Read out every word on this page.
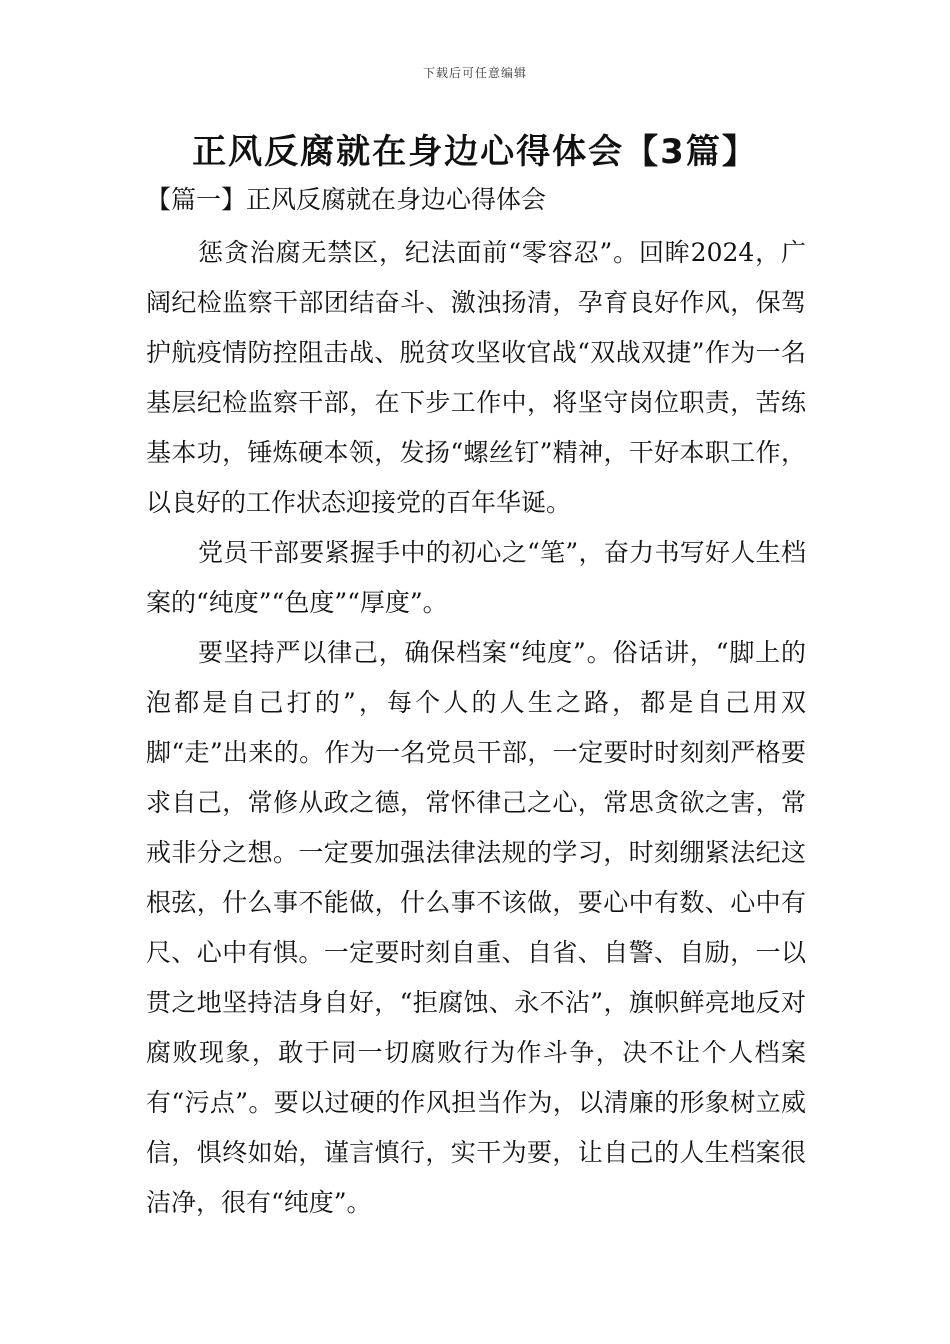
下载后可任意编辑
正风反腐就在身边心得体会【3篇】
【篇一】正风反腐就在身边心得体会

惩贪治腐无禁区，纪法面前“零容忍”。回眸2024，广阔纪检监察干部团结奋斗、激浊扬清，孕育良好作风，保驾护航疫情防控阻击战、脱贫攻坚收官战“双战双捷”作为一名基层纪检监察干部，在下步工作中，将坚守岗位职责，苦练基本功，锤炼硬本领，发扬“螺丝钉”精神，干好本职工作，以良好的工作状态迎接党的百年华诞。

党员干部要紧握手中的初心之“笔”，奋力书写好人生档案的“纯度”“色度”“厚度”。

要坚持严以律己，确保档案“纯度”。俗话讲，“脚上的泡都是自己打的”，每个人的人生之路，都是自己用双脚“走”出来的。作为一名党员干部，一定要时时刻刻严格要求自己，常修从政之德，常怀律己之心，常思贪欲之害，常戒非分之想。一定要加强法律法规的学习，时刻绷紧法纪这根弦，什么事不能做，什么事不该做，要心中有数、心中有尺、心中有惧。一定要时刻自重、自省、自警、自励，一以贯之地坚持洁身自好，“拒腐蚀、永不沾”，旗帜鲜亮地反对腐败现象，敢于同一切腐败行为作斗争，决不让个人档案有“污点”。要以过硬的作风担当作为，以清廉的形象树立威信，惧终如始，谨言慎行，实干为要，让自己的人生档案很洁净，很有“纯度”。
